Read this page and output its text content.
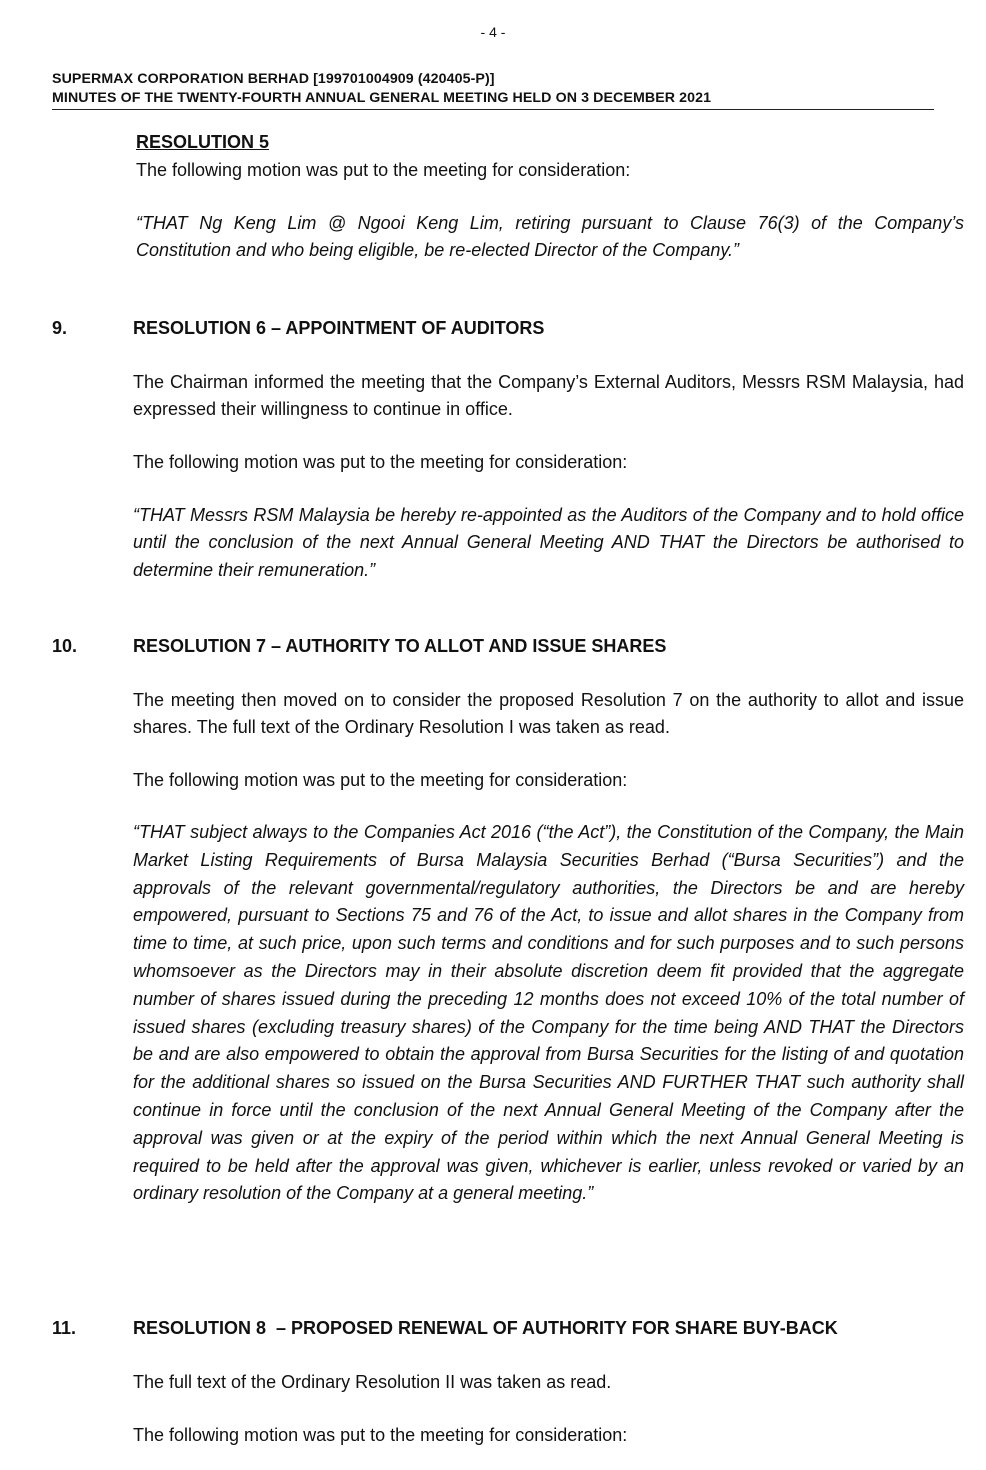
- 4 -
SUPERMAX CORPORATION BERHAD [199701004909 (420405-P)]
MINUTES OF THE TWENTY-FOURTH ANNUAL GENERAL MEETING HELD ON 3 DECEMBER 2021
RESOLUTION 5
The following motion was put to the meeting for consideration:
“THAT Ng Keng Lim @ Ngooi Keng Lim, retiring pursuant to Clause 76(3) of the Company’s Constitution and who being eligible, be re-elected Director of the Company.”
9.	RESOLUTION 6 – APPOINTMENT OF AUDITORS
The Chairman informed the meeting that the Company’s External Auditors, Messrs RSM Malaysia, had expressed their willingness to continue in office.
The following motion was put to the meeting for consideration:
“THAT Messrs RSM Malaysia be hereby re-appointed as the Auditors of the Company and to hold office until the conclusion of the next Annual General Meeting AND THAT the Directors be authorised to determine their remuneration.”
10.	RESOLUTION 7 – AUTHORITY TO ALLOT AND ISSUE SHARES
The meeting then moved on to consider the proposed Resolution 7 on the authority to allot and issue shares. The full text of the Ordinary Resolution I was taken as read.
The following motion was put to the meeting for consideration:
“THAT subject always to the Companies Act 2016 (“the Act”), the Constitution of the Company, the Main Market Listing Requirements of Bursa Malaysia Securities Berhad (“Bursa Securities”) and the approvals of the relevant governmental/regulatory authorities, the Directors be and are hereby empowered, pursuant to Sections 75 and 76 of the Act, to issue and allot shares in the Company from time to time, at such price, upon such terms and conditions and for such purposes and to such persons whomsoever as the Directors may in their absolute discretion deem fit provided that the aggregate number of shares issued during the preceding 12 months does not exceed 10% of the total number of issued shares (excluding treasury shares) of the Company for the time being AND THAT the Directors be and are also empowered to obtain the approval from Bursa Securities for the listing of and quotation for the additional shares so issued on the Bursa Securities AND FURTHER THAT such authority shall continue in force until the conclusion of the next Annual General Meeting of the Company after the approval was given or at the expiry of the period within which the next Annual General Meeting is required to be held after the approval was given, whichever is earlier, unless revoked or varied by an ordinary resolution of the Company at a general meeting.”
11.	RESOLUTION 8  – PROPOSED RENEWAL OF AUTHORITY FOR SHARE BUY-BACK
The full text of the Ordinary Resolution II was taken as read.
The following motion was put to the meeting for consideration:
